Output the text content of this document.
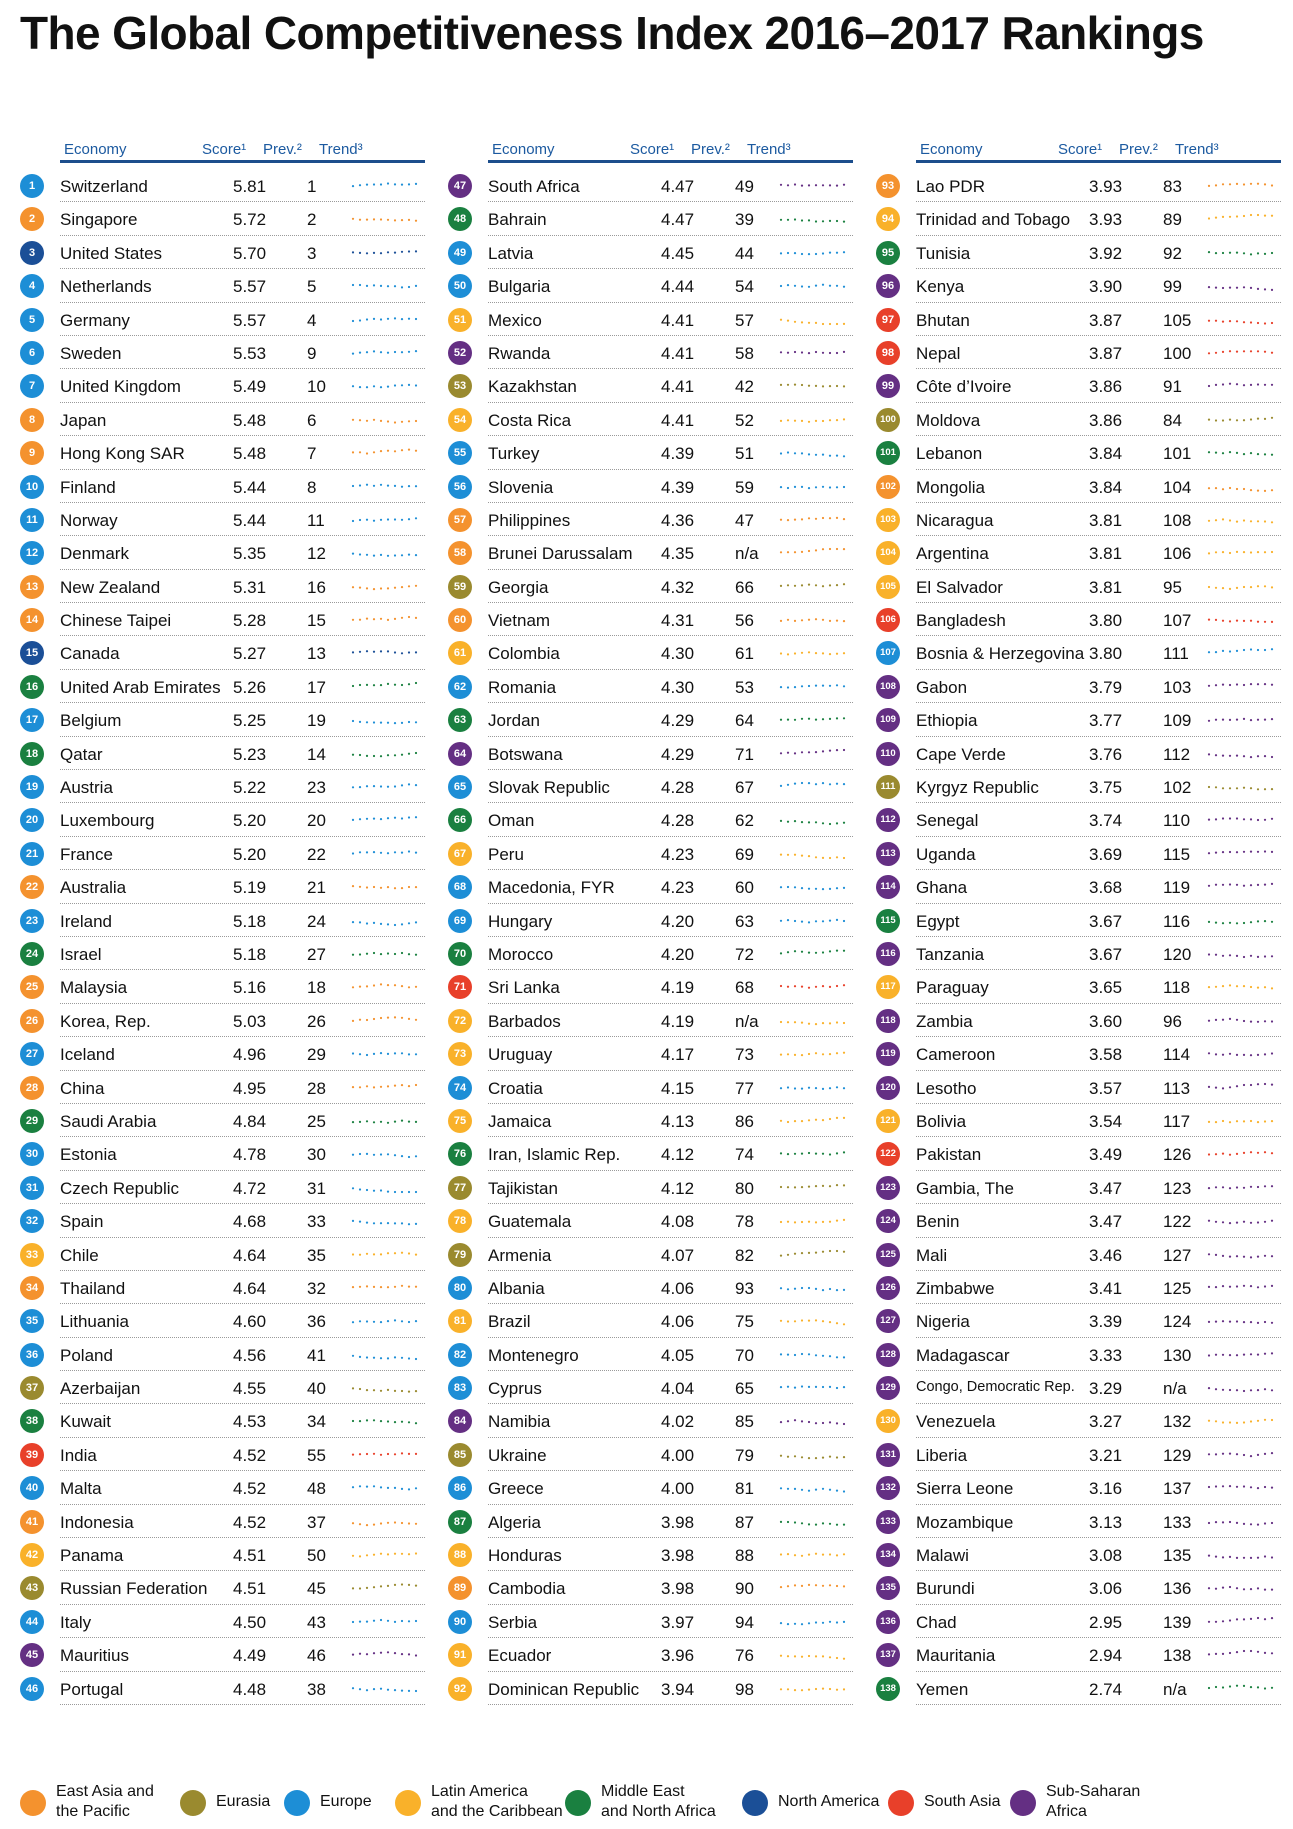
The Global Competitiveness Index 2016–2017 Rankings
Economy	Score¹ Prev.² Trend³
1	Switzerland	5.81 1
2	Singapore	5.72 2
3	United States	5.70 3
4	Netherlands	5.57 5
5	Germany	5.57 4
6	Sweden	5.53 9
7	United Kingdom	5.49 10
8	Japan	5.48 6
9	Hong Kong SAR	5.48 7
10	Finland	5.44 8
11	Norway	5.44 11
12	Denmark	5.35 12
13	New Zealand	5.31 16
14	Chinese Taipei	5.28 15
15	Canada	5.27 13
16	United Arab Emirates 5.26 17
17	Belgium	5.25 19
18	Qatar	5.23 14
19	Austria	5.22 23
20	Luxembourg	5.20 20
21	France	5.20 22
22	Australia	5.19 21
23	Ireland	5.18 24
24	Israel	5.18 27
25	Malaysia	5.16 18
26	Korea, Rep.	5.03 26
27	Iceland	4.96 29
28	China	4.95 28
29	Saudi Arabia	4.84 25
30	Estonia	4.78 30
31	Czech Republic	4.72 31
32	Spain	4.68 33
33	Chile	4.64 35
34	Thailand	4.64 32
35	Lithuania	4.60 36
36	Poland	4.56 41
37	Azerbaijan	4.55 40
38	Kuwait	4.53 34
39	India	4.52 55
40	Malta	4.52 48
41	Indonesia	4.52 37
42	Panama	4.51 50
43	Russian Federation 4.51 45
44	Italy	4.50 43
45	Mauritius	4.49 46
46	Portugal	4.48 38
Economy	Score¹ Prev.² Trend³
47	South Africa	4.47 49
48	Bahrain	4.47 39
49	Latvia	4.45 44
50	Bulgaria	4.44 54
51	Mexico	4.41 57
52	Rwanda	4.41 58
53	Kazakhstan	4.41 42
54	Costa Rica	4.41 52
55	Turkey	4.39 51
56	Slovenia	4.39 59
57	Philippines	4.36 47
58	Brunei Darussalam 4.35 n/a
59	Georgia	4.32 66
60	Vietnam	4.31 56
61	Colombia	4.30 61
62	Romania	4.30 53
63	Jordan	4.29 64
64	Botswana	4.29 71
65	Slovak Republic	4.28 67
66	Oman	4.28 62
67	Peru	4.23 69
68	Macedonia, FYR	4.23 60
69	Hungary	4.20 63
70	Morocco	4.20 72
71	Sri Lanka	4.19 68
72	Barbados	4.19 n/a
73	Uruguay	4.17 73
74	Croatia	4.15 77
75	Jamaica	4.13 86
76	Iran, Islamic Rep. 4.12 74
77	Tajikistan	4.12 80
78	Guatemala	4.08 78
79	Armenia	4.07 82
80	Albania	4.06 93
81	Brazil	4.06 75
82	Montenegro	4.05 70
83	Cyprus	4.04 65
84	Namibia	4.02 85
85	Ukraine	4.00 79
86	Greece	4.00 81
87	Algeria	3.98 87
88	Honduras	3.98 88
89	Cambodia	3.98 90
90	Serbia	3.97 94
91	Ecuador	3.96 76
92	Dominican Republic 3.94 98
Economy	Score¹ Prev.² Trend³
93	Lao PDR	3.93 83
94	Trinidad and Tobago 3.93 89
95	Tunisia	3.92 92
96	Kenya	3.90 99
97	Bhutan	3.87 105
98	Nepal	3.87 100
99	Côte d’Ivoire	3.86 91
100 Moldova	3.86 84
101 Lebanon	3.84 101
102 Mongolia	3.84 104
103 Nicaragua	3.81 108
104 Argentina	3.81 106
105 El Salvador	3.81 95
106 Bangladesh	3.80 107
107 Bosnia & Herzegovina 3.80 111
108 Gabon	3.79 103
109 Ethiopia	3.77 109
110 Cape Verde	3.76 112
111 Kyrgyz Republic	3.75 102
112 Senegal	3.74 110
113 Uganda	3.69 115
114 Ghana	3.68 119
115 Egypt	3.67 116
116 Tanzania	3.67 120
117 Paraguay	3.65 118
118 Zambia	3.60 96
119 Cameroon	3.58 114
120 Lesotho	3.57 113
121 Bolivia	3.54 117
122 Pakistan	3.49 126
123 Gambia, The	3.47 123
124 Benin	3.47 122
125 Mali	3.46 127
126 Zimbabwe	3.41 125
127 Nigeria	3.39 124
128 Madagascar	3.33 130
129 Congo, Democratic Rep. 3.29 n/a
130 Venezuela	3.27 132
131 Liberia	3.21 129
132 Sierra Leone	3.16 137
133 Mozambique	3.13 133
134 Malawi	3.08 135
135 Burundi	3.06 136
136 Chad	2.95 139
137 Mauritania	2.94 138
138 Yemen	2.74 n/a
East Asia and
the Pacific
Eurasia	Europe
Latin America
and the Caribbean
Middle East
and North Africa
North America	South Asia
Sub-Saharan
Africa
